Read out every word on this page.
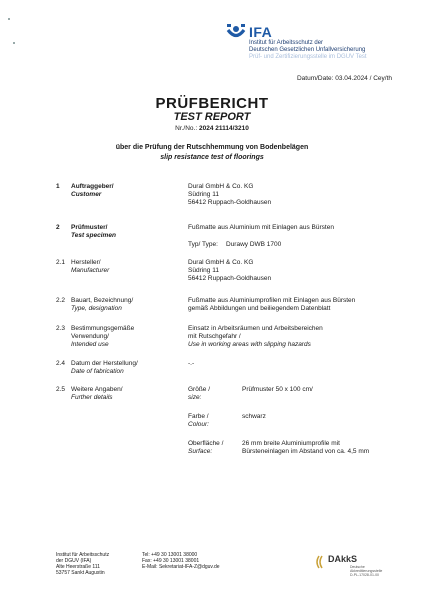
IFA
Institut für Arbeitsschutz der
Deutschen Gesetzlichen Unfallversicherung
Prüf- und Zertifizierungsstelle im DGUV Test
Datum/Date: 03.04.2024 / Cey/th
PRÜFBERICHT
TEST REPORT
Nr./No.: 2024 21114/3210
über die Prüfung der Rutschhemmung von Bodenbelägen
slip resistance test of floorings
1 Auftraggeber/
Customer
Dural GmbH & Co. KG
Südring 11
56412 Ruppach-Goldhausen
2 Prüfmuster/
Test specimen
Fußmatte aus Aluminium mit Einlagen aus Bürsten
Typ/ Type: Durawy DWB 1700
2.1 Hersteller/
Manufacturer
Dural GmbH & Co. KG
Südring 11
56412 Ruppach-Goldhausen
2.2 Bauart, Bezeichnung/
Type, designation
Fußmatte aus Aluminiumprofilen mit Einlagen aus Bürsten
gemäß Abbildungen und beiliegendem Datenblatt
2.3 Bestimmungsgemäße
Verwendung/
Intended use
Einsatz in Arbeitsräumen und Arbeitsbereichen
mit Rutschgefahr /
Use in working areas with slipping hazards
2.4 Datum der Herstellung/
Date of fabrication
-.-
2.5 Weitere Angaben/
Further details
Größe /
size:
Prüfmuster 50 x 100 cm/
Farbe /
Colour:
schwarz
Oberfläche /
Surface:
26 mm breite Aluminiumprofile mit
Bürsteneinlagen im Abstand von ca. 4,5 mm
Institut für Arbeitsschutz
der DGUV (IFA)
Alte Heerstraße 111
53757 Sankt Augustin
Tel: +49 30 13001 38000
Fax: +49 30 13001 38001
E-Mail: Sekretariat-IFA-Z@dguv.de
DAkkS
Deutsche
Akkreditierungsstelle
D-PL-17028-01-00
